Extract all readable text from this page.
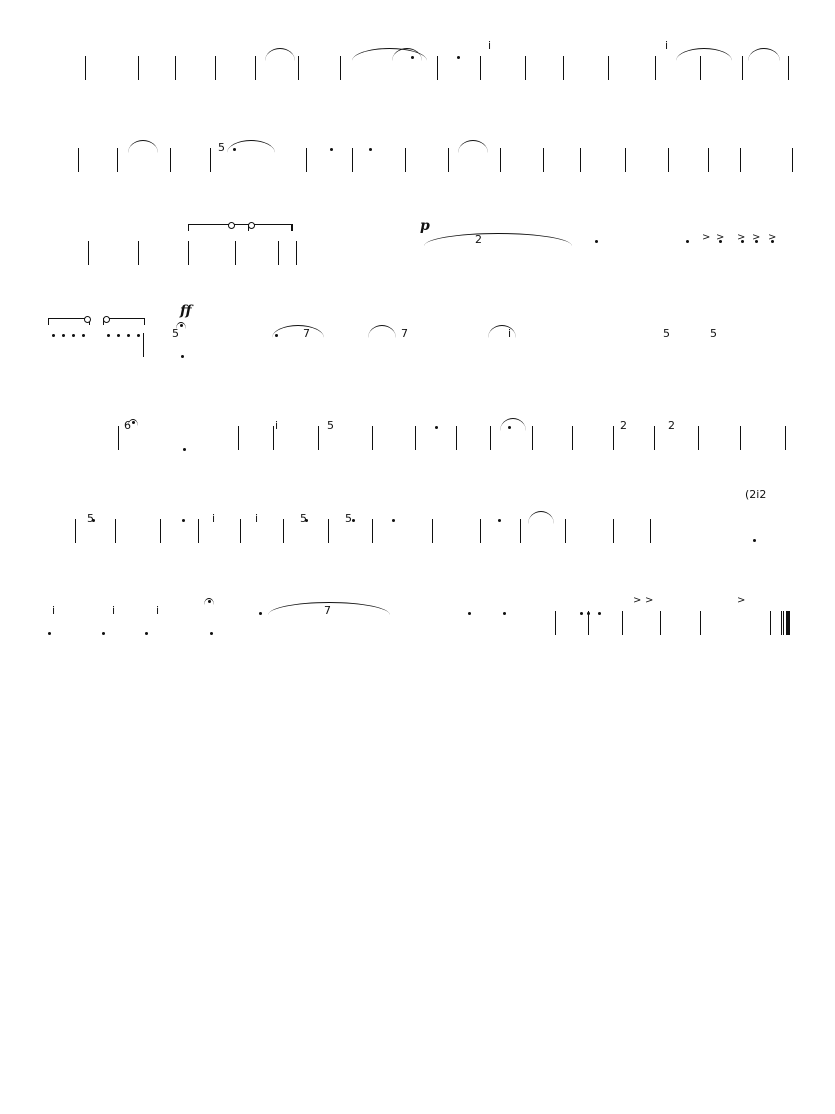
i	i
5
2
5	7	7	i	5	5
6	i	5	2	2
5	i	i	5	5
(2i2
i	i	i	7
> > > > >
> >	>
p
ff
